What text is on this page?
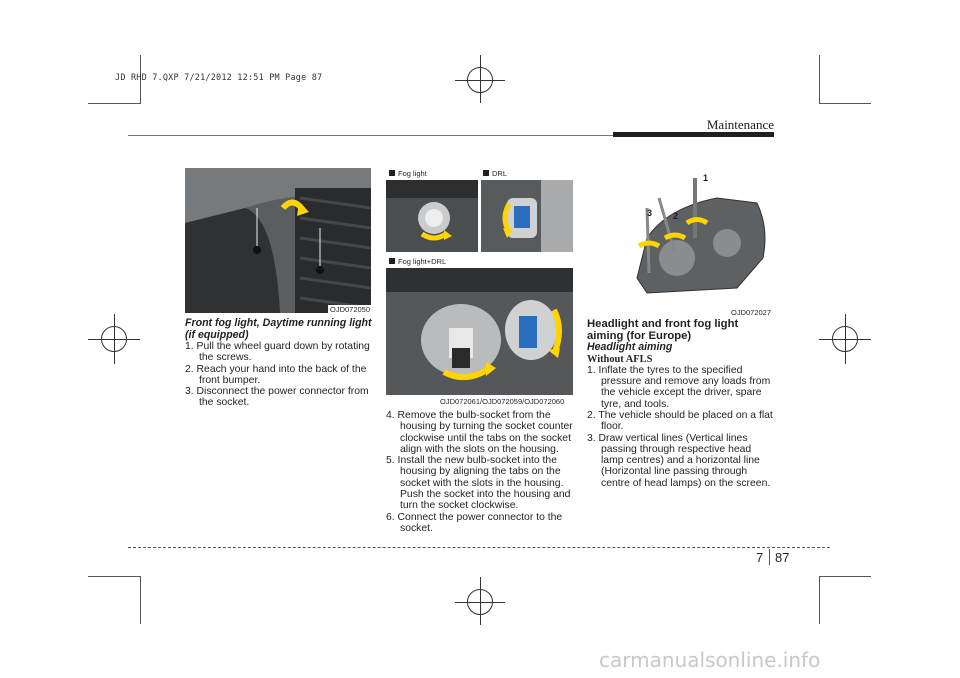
JD RHD 7.QXP 7/21/2012 12:51 PM Page 87
Maintenance
OJD072050
Front fog light, Daytime running light (if equipped)
1. Pull the wheel guard down by rotating the screws.
2. Reach your hand into the back of the front bumper.
3. Disconnect the power connector from the socket.
Fog light	DRL
Fog light+DRL
OJD072061/OJD072059/OJD072060
4. Remove the bulb-socket from the housing by turning the socket counter clockwise until the tabs on the socket align with the slots on the housing.
5. Install the new bulb-socket into the housing by aligning the tabs on the socket with the slots in the housing. Push the socket into the housing and turn the socket clockwise.
6. Connect the power connector to the socket.
1
2
3
OJD072027
Headlight and front fog light aiming (for Europe)
Headlight aiming
Without AFLS
1. Inflate the tyres to the specified pressure and remove any loads from the vehicle except the driver, spare tyre, and tools.
2. The vehicle should be placed on a flat floor.
3. Draw vertical lines (Vertical lines passing through respective head lamp centres) and a horizontal line (Horizontal line passing through centre of head lamps) on the screen.
7 87
carmanualsonline.info
